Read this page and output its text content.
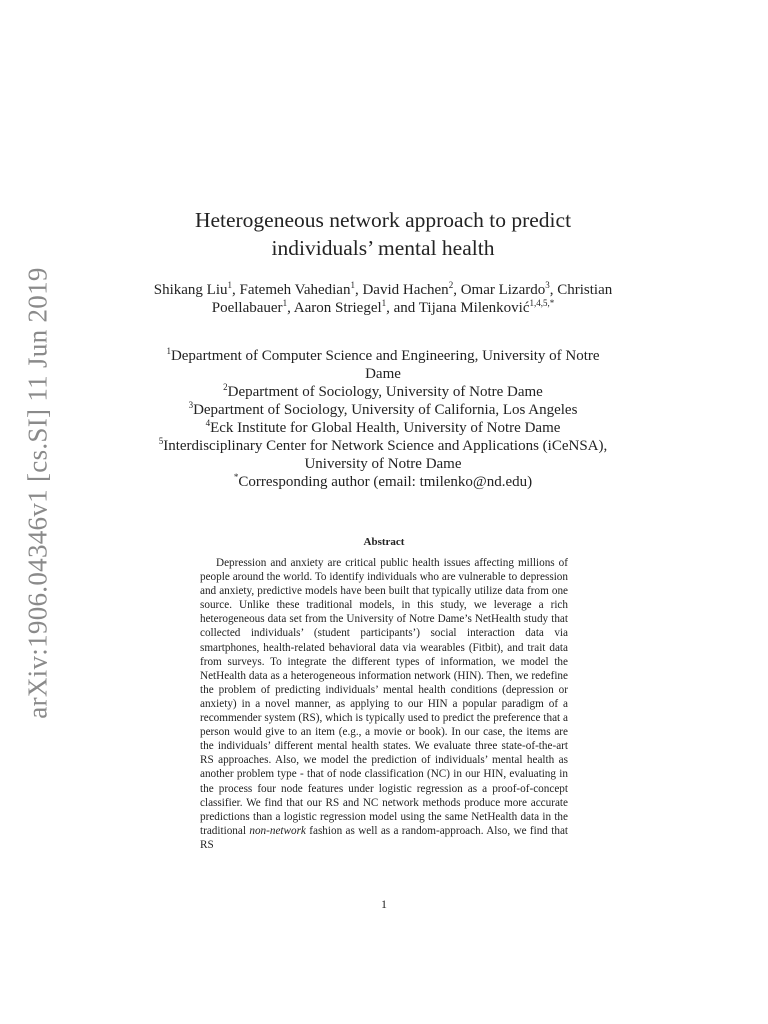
arXiv:1906.04346v1 [cs.SI] 11 Jun 2019
Heterogeneous network approach to predict
individuals’ mental health
Shikang Liu$^1$, Fatemeh Vahedian$^1$, David Hachen$^2$, Omar Lizardo$^3$, Christian Poellabauer$^1$, Aaron Striegel$^1$, and Tijana Milenković$^{1,4,5,*}$
$^1$Department of Computer Science and Engineering, University of Notre Dame
$^2$Department of Sociology, University of Notre Dame
$^3$Department of Sociology, University of California, Los Angeles
$^4$Eck Institute for Global Health, University of Notre Dame
$^5$Interdisciplinary Center for Network Science and Applications (iCeNSA), University of Notre Dame
*Corresponding author (email: tmilenko@nd.edu)
Abstract
Depression and anxiety are critical public health issues affecting millions of people around the world. To identify individuals who are vulnerable to depression and anxiety, predictive models have been built that typically utilize data from one source. Unlike these traditional models, in this study, we leverage a rich heterogeneous data set from the University of Notre Dame’s NetHealth study that collected individuals’ (student participants’) social interaction data via smartphones, health-related behavioral data via wearables (Fitbit), and trait data from surveys. To integrate the different types of information, we model the NetHealth data as a heterogeneous information network (HIN). Then, we redefine the problem of predicting individuals’ mental health conditions (depression or anxiety) in a novel manner, as applying to our HIN a popular paradigm of a recommender system (RS), which is typically used to predict the preference that a person would give to an item (e.g., a movie or book). In our case, the items are the individuals’ different mental health states. We evaluate three state-of-the-art RS approaches. Also, we model the prediction of individuals’ mental health as another problem type - that of node classification (NC) in our HIN, evaluating in the process four node features under logistic regression as a proof-of-concept classifier. We find that our RS and NC network methods produce more accurate predictions than a logistic regression model using the same NetHealth data in the traditional non-network fashion as well as a random-approach. Also, we find that RS
1
